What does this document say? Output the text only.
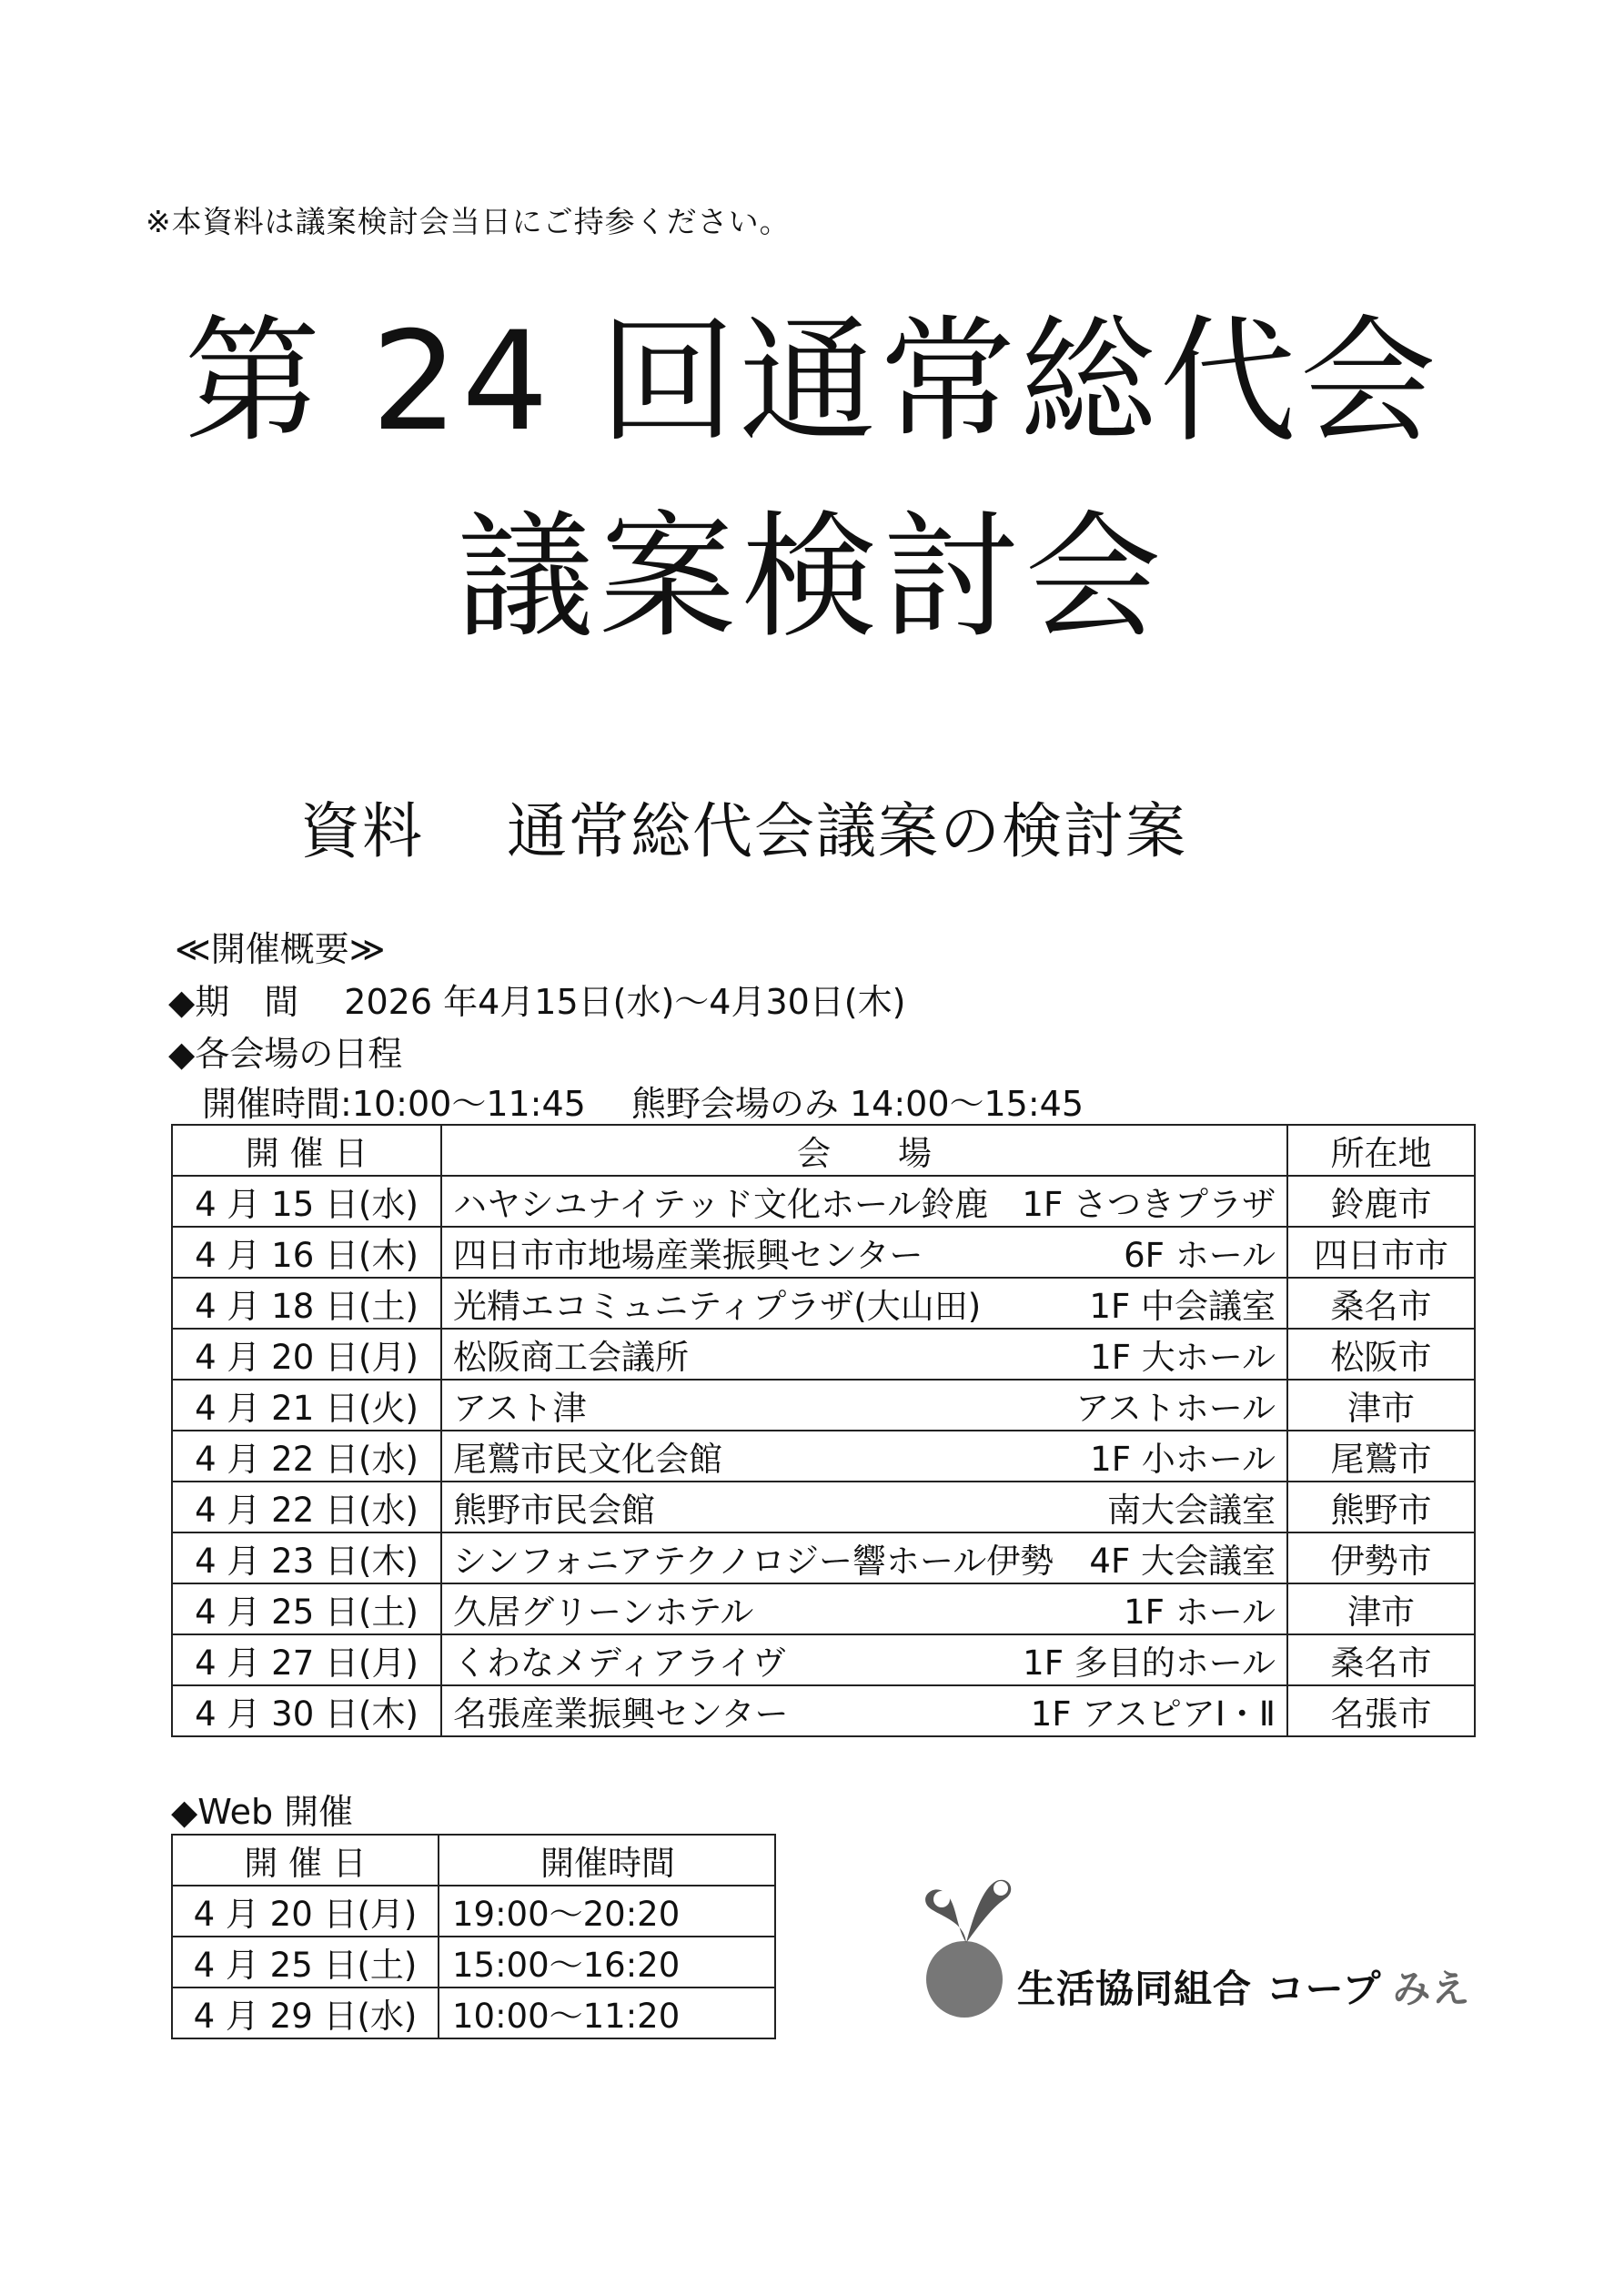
※本資料は議案検討会当日にご持参ください。
第 24 回通常総代会
議案検討会
資料　 通常総代会議案の検討案
≪開催概要≫
◆期　間　 2026 年4月15日(水)～4月30日(木)
◆各会場の日程
開催時間:10:00～11:45　 熊野会場のみ 14:00～15:45
開 催 日	会　　場	所在地
4 月 15 日(水)	ハヤシユナイテッド文化ホール鈴鹿 1F さつきプラザ	鈴鹿市
4 月 16 日(木)	四日市市地場産業振興センター 6F ホール	四日市市
4 月 18 日(土)	光精エコミュニティプラザ(大山田) 1F 中会議室	桑名市
4 月 20 日(月)	松阪商工会議所 1F 大ホール	松阪市
4 月 21 日(火)	アスト津 アストホール	津市
4 月 22 日(水)	尾鷲市民文化会館 1F 小ホール	尾鷲市
4 月 22 日(水)	熊野市民会館 南大会議室	熊野市
4 月 23 日(木)	シンフォニアテクノロジー響ホール伊勢 4F 大会議室	伊勢市
4 月 25 日(土)	久居グリーンホテル 1F ホール	津市
4 月 27 日(月)	くわなメディアライヴ 1F 多目的ホール	桑名市
4 月 30 日(木)	名張産業振興センター 1F アスピアⅠ・Ⅱ	名張市
◆Web 開催
開 催 日	開催時間
4 月 20 日(月)	19:00～20:20
4 月 25 日(土)	15:00～16:20
4 月 29 日(水)	10:00～11:20
生活協同組合 コープ みえ
